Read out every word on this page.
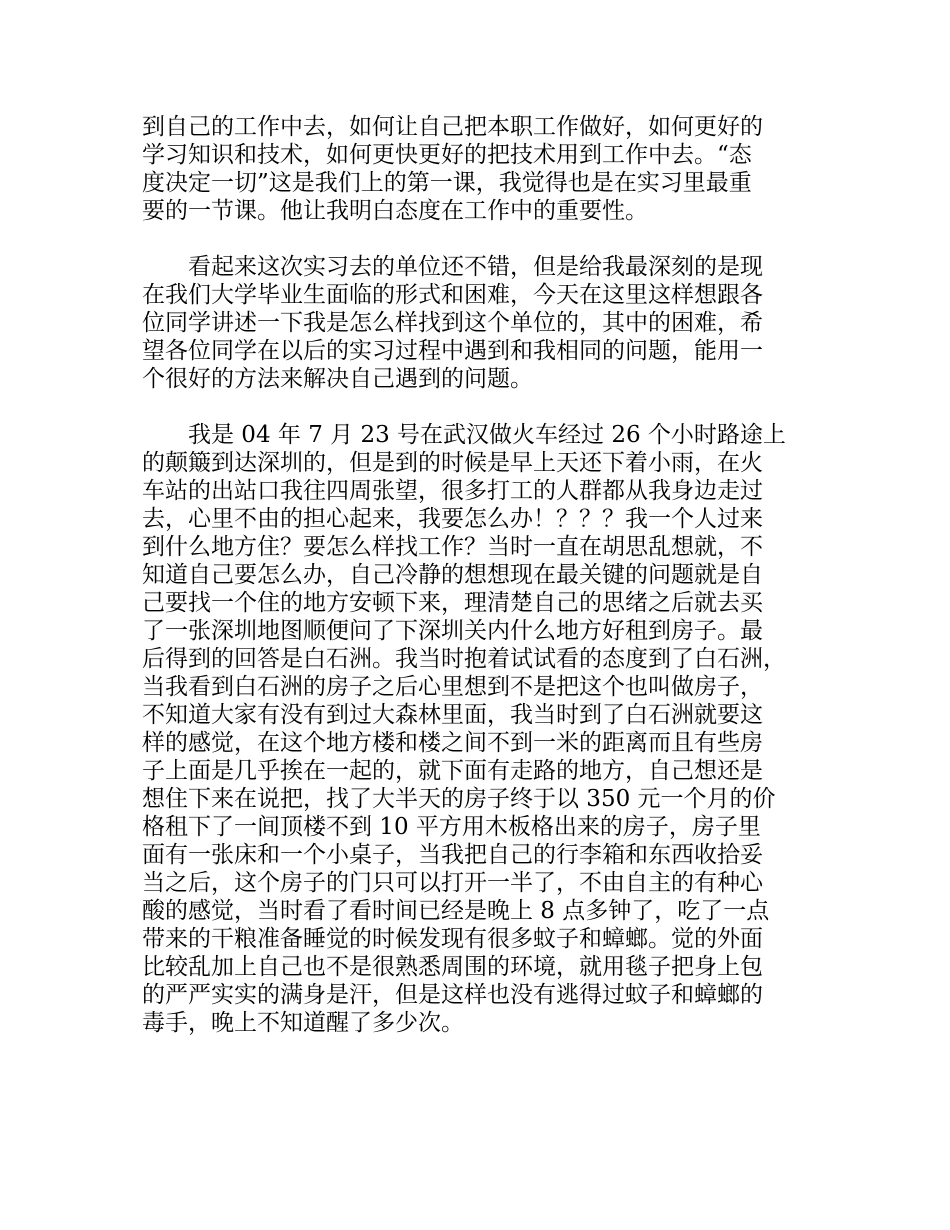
到自己的工作中去，如何让自己把本职工作做好，如何更好的
学习知识和技术，如何更快更好的把技术用到工作中去。“态
度决定一切”这是我们上的第一课，我觉得也是在实习里最重
要的一节课。他让我明白态度在工作中的重要性。
看起来这次实习去的单位还不错，但是给我最深刻的是现
在我们大学毕业生面临的形式和困难，今天在这里这样想跟各
位同学讲述一下我是怎么样找到这个单位的，其中的困难，希
望各位同学在以后的实习过程中遇到和我相同的问题，能用一
个很好的方法来解决自己遇到的问题。
我是 04 年 7 月 23 号在武汉做火车经过 26 个小时路途上
的颠簸到达深圳的，但是到的时候是早上天还下着小雨，在火
车站的出站口我往四周张望，很多打工的人群都从我身边走过
去，心里不由的担心起来，我要怎么办！？？？我一个人过来
到什么地方住？要怎么样找工作？当时一直在胡思乱想就，不
知道自己要怎么办，自己冷静的想想现在最关键的问题就是自
己要找一个住的地方安顿下来，理清楚自己的思绪之后就去买
了一张深圳地图顺便问了下深圳关内什么地方好租到房子。最
后得到的回答是白石洲。我当时抱着试试看的态度到了白石洲，
当我看到白石洲的房子之后心里想到不是把这个也叫做房子，
不知道大家有没有到过大森林里面，我当时到了白石洲就要这
样的感觉，在这个地方楼和楼之间不到一米的距离而且有些房
子上面是几乎挨在一起的，就下面有走路的地方，自己想还是
想住下来在说把，找了大半天的房子终于以 350 元一个月的价
格租下了一间顶楼不到 10 平方用木板格出来的房子，房子里
面有一张床和一个小桌子，当我把自己的行李箱和东西收拾妥
当之后，这个房子的门只可以打开一半了，不由自主的有种心
酸的感觉，当时看了看时间已经是晚上 8 点多钟了，吃了一点
带来的干粮准备睡觉的时候发现有很多蚊子和蟑螂。觉的外面
比较乱加上自己也不是很熟悉周围的环境，就用毯子把身上包
的严严实实的满身是汗，但是这样也没有逃得过蚊子和蟑螂的
毒手，晚上不知道醒了多少次。
